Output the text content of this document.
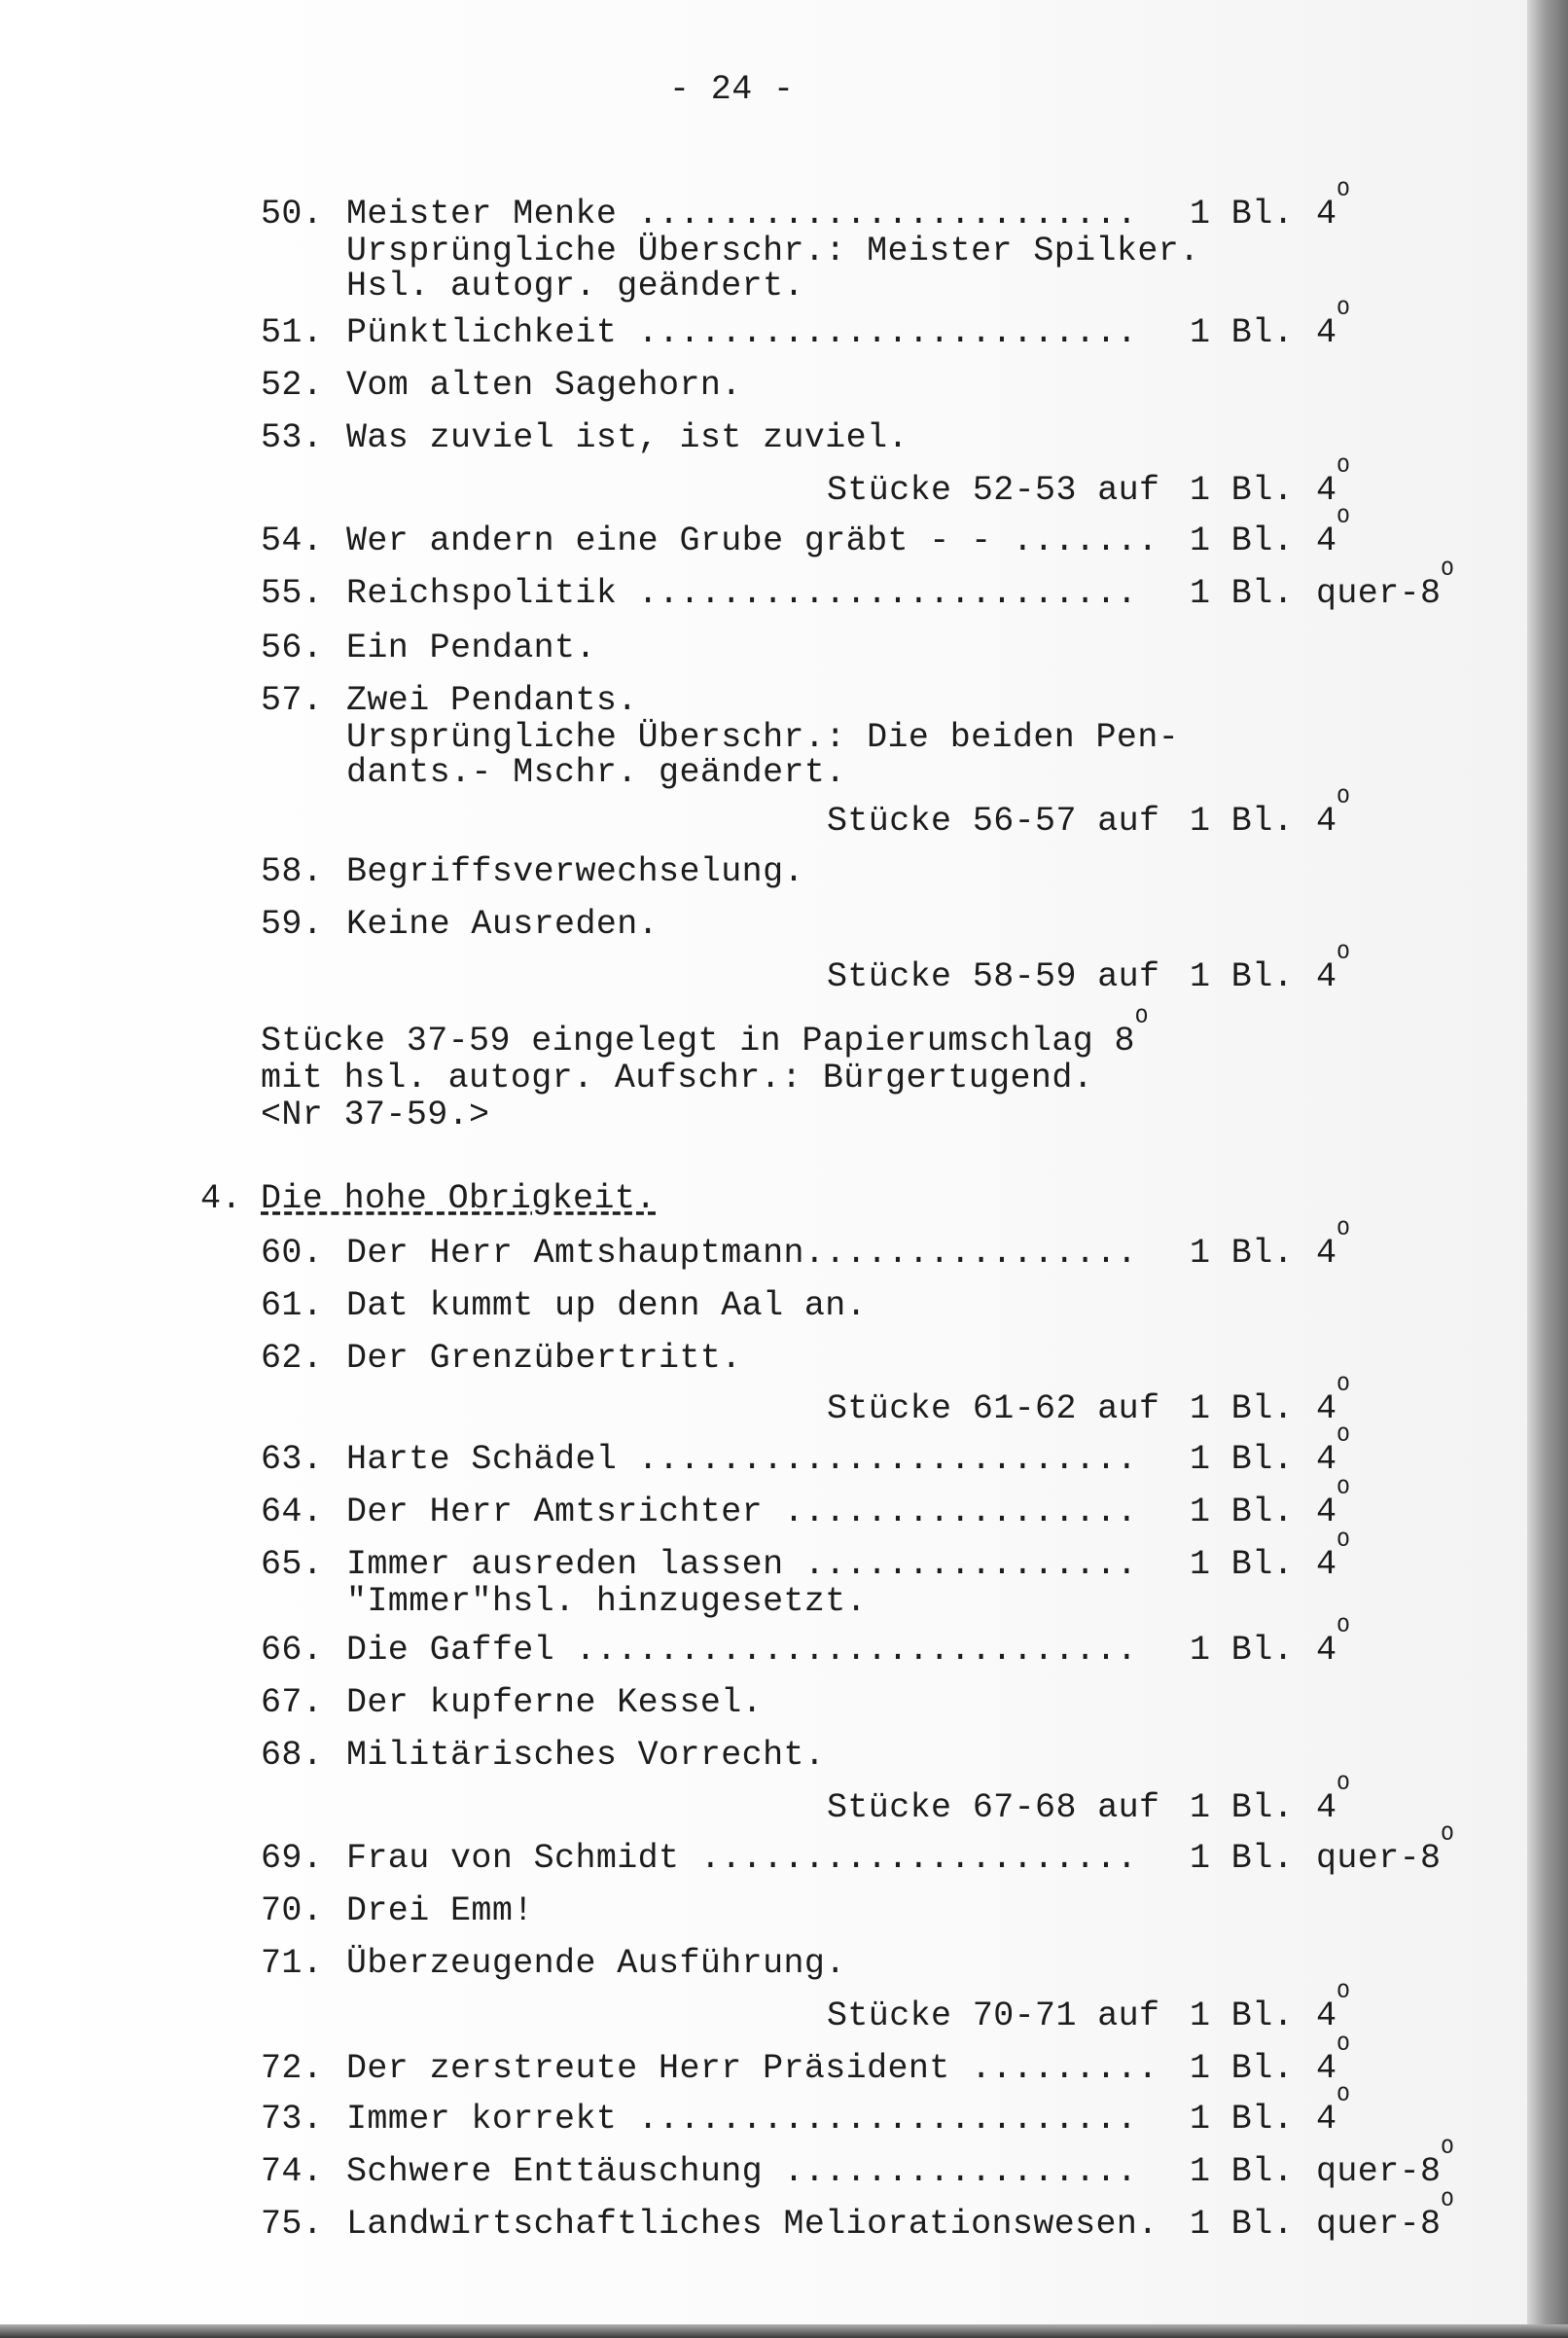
- 24 -
50. Meister Menke ........................ 1 Bl. $4^O$
Ursprüngliche Überschr.: Meister Spilker.
Hsl. autogr. geändert.
51. Pünktlichkeit ........................ 1 Bl. $4^O$
52. Vom alten Sagehorn.
53. Was zuviel ist, ist zuviel.
Stücke 52-53 auf 1 Bl. $4^O$
54. Wer andern eine Grube gräbt - - ....... 1 Bl. $4^O$
55. Reichspolitik ........................ 1 Bl. quer-$8^O$
56. Ein Pendant.
57. Zwei Pendants.
Ursprüngliche Überschr.: Die beiden Pen-
dants.- Mschr. geändert.
Stücke 56-57 auf 1 Bl. $4^O$
58. Begriffsverwechselung.
59. Keine Ausreden.
Stücke 58-59 auf 1 Bl. $4^O$
Stücke 37-59 eingelegt in Papierumschlag $8^O$
mit hsl. autogr. Aufschr.: Bürgertugend.
<Nr 37-59.>
4. Die hohe Obrigkeit.
60. Der Herr Amtshauptmann................ 1 Bl. $4^O$
61. Dat kummt up denn Aal an.
62. Der Grenzübertritt.
Stücke 61-62 auf 1 Bl. $4^O$
63. Harte Schädel ........................ 1 Bl. $4^O$
64. Der Herr Amtsrichter ................. 1 Bl. $4^O$
65. Immer ausreden lassen ................ 1 Bl. $4^O$
"Immer"hsl. hinzugesetzt.
66. Die Gaffel ........................... 1 Bl. $4^O$
67. Der kupferne Kessel.
68. Militärisches Vorrecht.
Stücke 67-68 auf 1 Bl. $4^O$
69. Frau von Schmidt ..................... 1 Bl. quer-$8^O$
70. Drei Emm!
71. Überzeugende Ausführung.
Stücke 70-71 auf 1 Bl. $4^O$
72. Der zerstreute Herr Präsident ......... 1 Bl. $4^O$
73. Immer korrekt ........................ 1 Bl. $4^O$
74. Schwere Enttäuschung ................. 1 Bl. quer-$8^O$
75. Landwirtschaftliches Meliorationswesen. 1 Bl. quer-$8^O$
